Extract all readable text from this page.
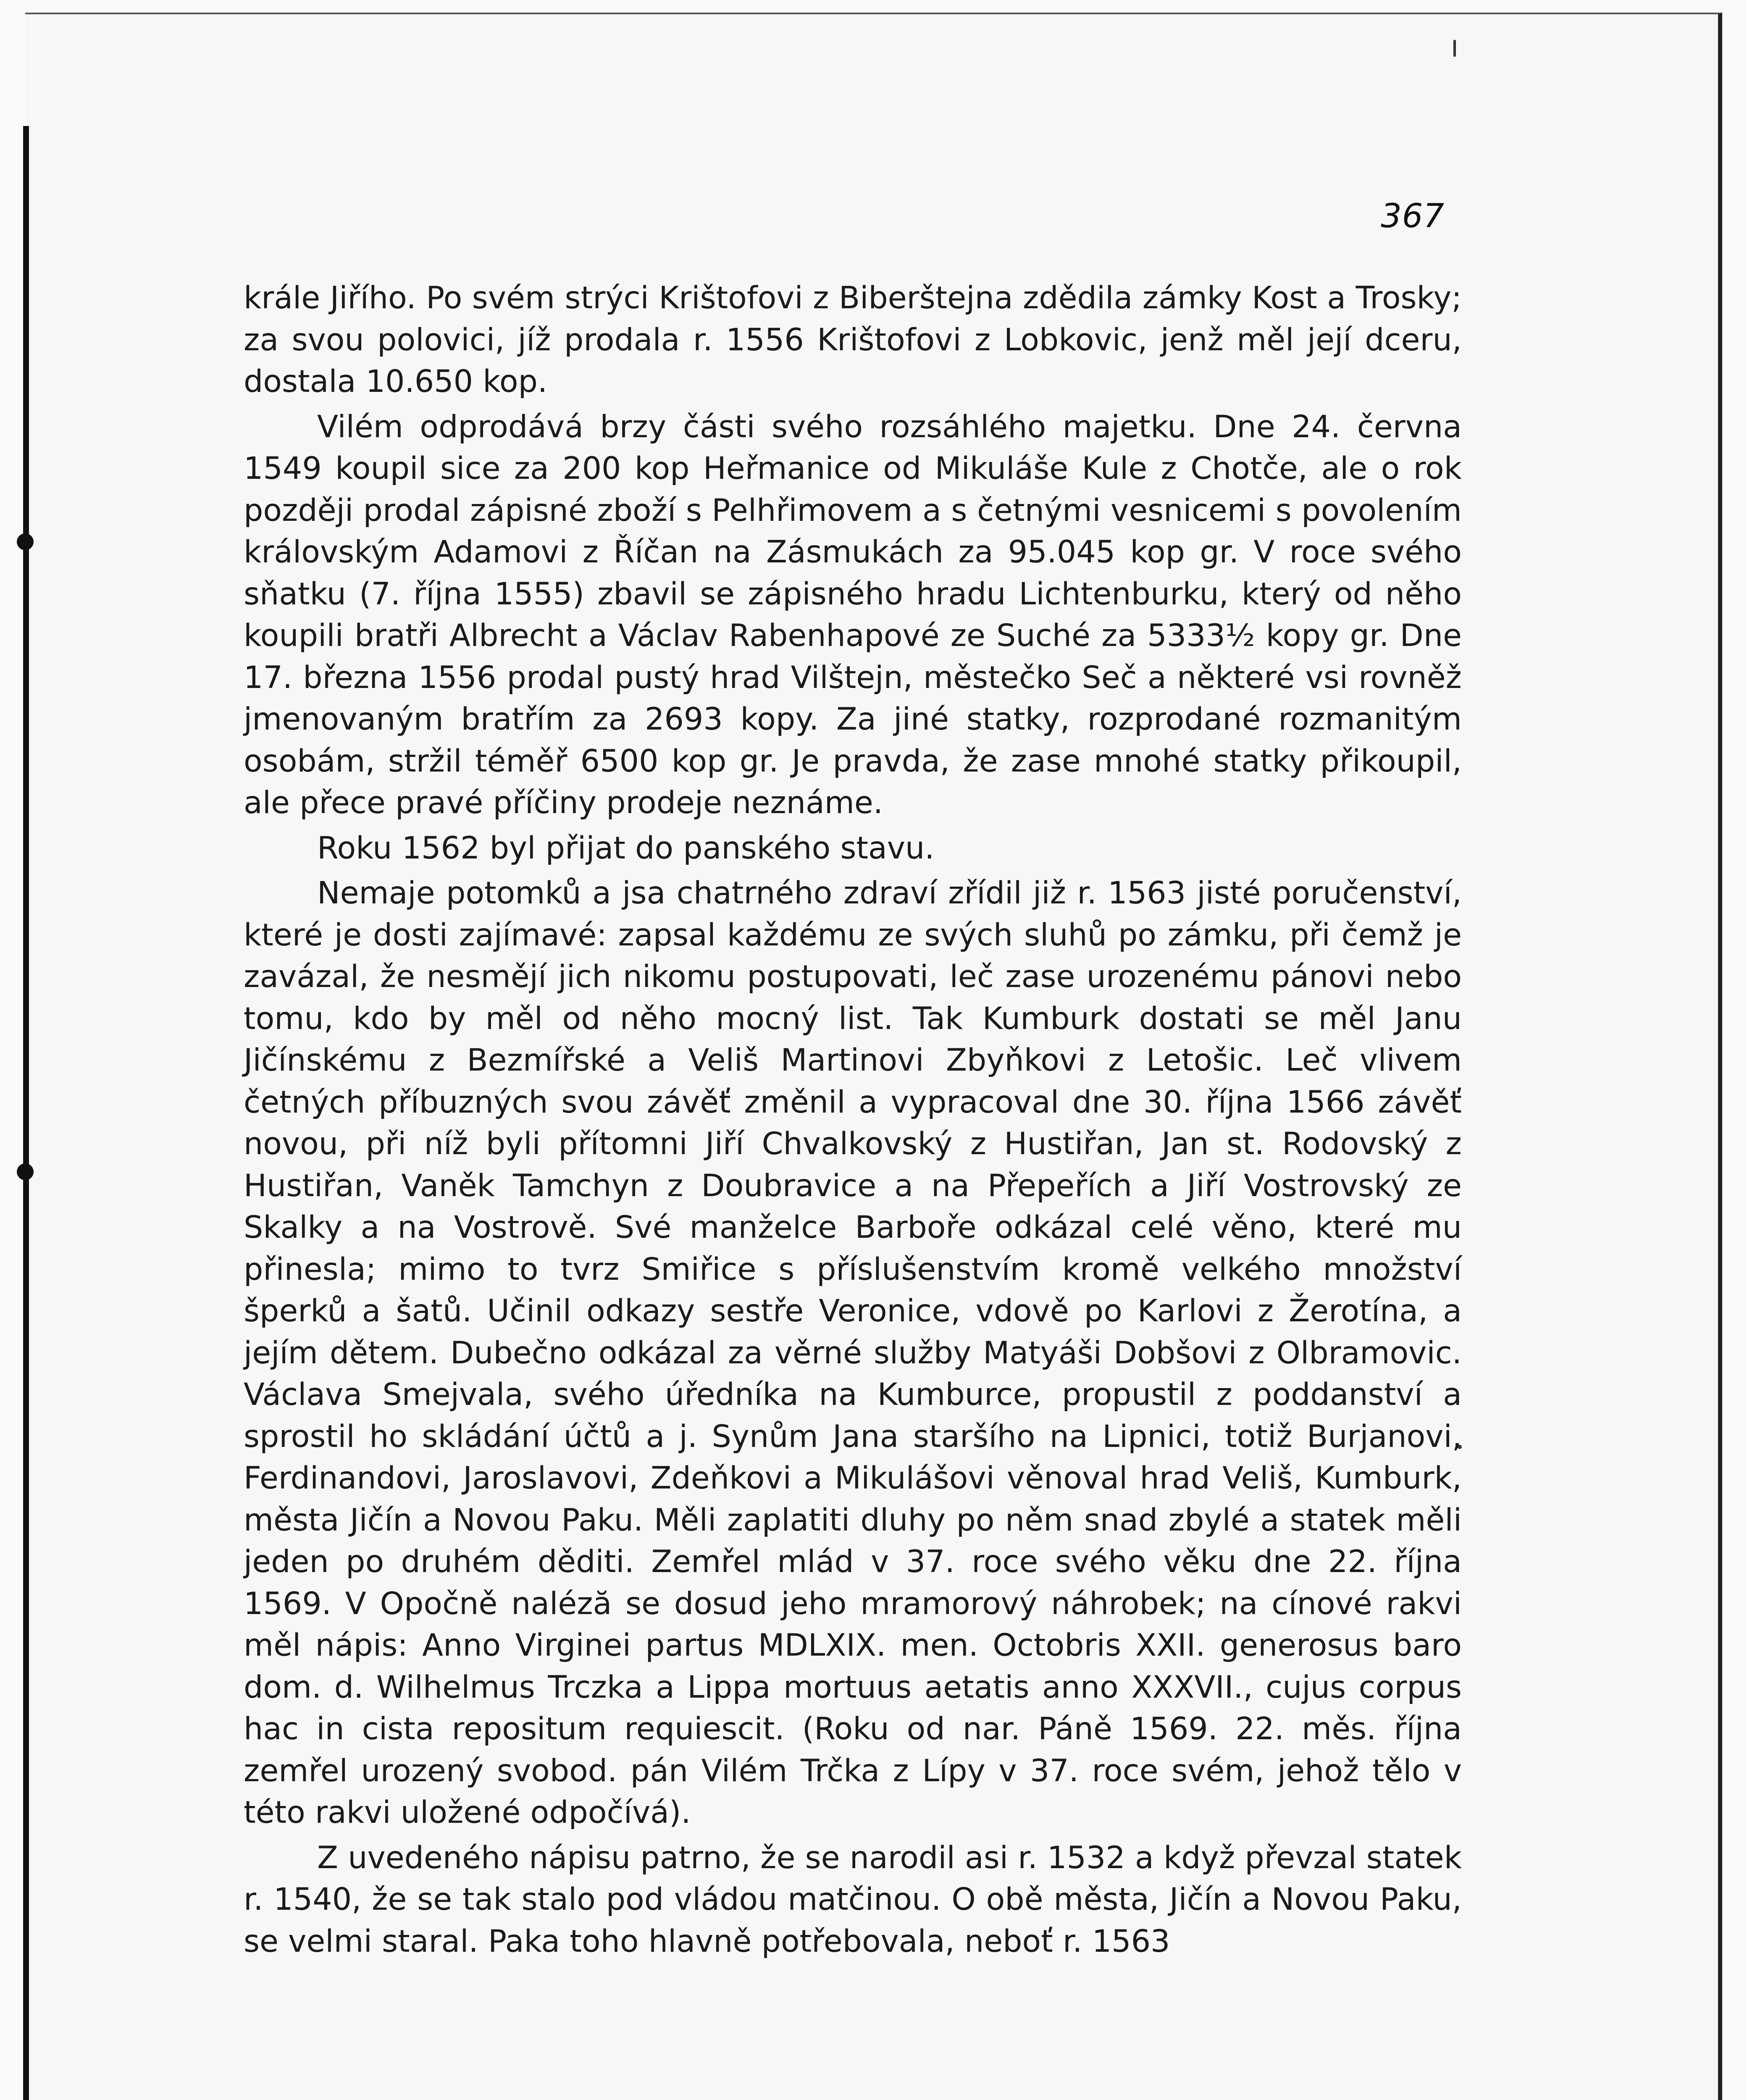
367

krále Jiřího. Po svém strýci Krištofovi z Biberštejna zdědila zámky Kost a Trosky; za svou polovici, jíž prodala r. 1556 Krištofovi z Lobkovic, jenž měl její dceru, dostala 10.650 kop.

Vilém odprodává brzy části svého rozsáhlého majetku. Dne 24. června 1549 koupil sice za 200 kop Heřmanice od Mikuláše Kule z Chotče, ale o rok později prodal zápisné zboží s Pelhřimovem a s četnými vesnicemi s povolením královským Adamovi z Říčan na Zásmukách za 95.045 kop gr. V roce svého sňatku (7. října 1555) zbavil se zápisného hradu Lichtenburku, který od něho koupili bratři Albrecht a Václav Rabenhapové ze Suché za 5333½ kopy gr. Dne 17. března 1556 prodal pustý hrad Vilštejn, městečko Seč a některé vsi rovněž jmenovaným bratřím za 2693 kopy. Za jiné statky, rozprodané rozmanitým osobám, stržil téměř 6500 kop gr. Je pravda, že zase mnohé statky přikoupil, ale přece pravé příčiny prodeje neznáme.

Roku 1562 byl přijat do panského stavu.

Nemaje potomků a jsa chatrného zdraví zřídil již r. 1563 jisté poručenství, které je dosti zajímavé: zapsal každému ze svých sluhů po zámku, při čemž je zavázal, že nesmějí jich nikomu postupovati, leč zase urozenému pánovi nebo tomu, kdo by měl od něho mocný list. Tak Kumburk dostati se měl Janu Jičínskému z Bezmířské a Veliš Martinovi Zbyňkovi z Letošic. Leč vlivem četných příbuzných svou závěť změnil a vypracoval dne 30. října 1566 závěť novou, při níž byli přítomni Jiří Chvalkovský z Hustiřan, Jan st. Rodovský z Hustiřan, Vaněk Tamchyn z Doubravice a na Přepeřích a Jiří Vostrovský ze Skalky a na Vostrově. Své manželce Barboře odkázal celé věno, které mu přinesla; mimo to tvrz Smiřice s příslušenstvím kromě velkého množství šperků a šatů. Učinil odkazy sestře Veronice, vdově po Karlovi z Žerotína, a jejím dětem. Dubečno odkázal za věrné služby Matyáši Dobšovi z Olbramovic. Václava Smejvala, svého úředníka na Kumburce, propustil z poddanství a sprostil ho skládání účtů a j. Synům Jana staršího na Lipnici, totiž Burjanovi, Ferdinandovi, Jaroslavovi, Zdeňkovi a Mikulášovi věnoval hrad Veliš, Kumburk, města Jičín a Novou Paku. Měli zaplatiti dluhy po něm snad zbylé a statek měli jeden po druhém děditi. Zemřel mlád v 37. roce svého věku dne 22. října 1569. V Opočně naléză se dosud jeho mramorový náhrobek; na cínové rakvi měl nápis: Anno Virginei partus MDLXIX. men. Octobris XXII. generosus baro dom. d. Wilhelmus Trczka a Lippa mortuus aetatis anno XXXVII., cujus corpus hac in cista repositum requiescit. (Roku od nar. Páně 1569. 22. měs. října zemřel urozený svobod. pán Vilém Trčka z Lípy v 37. roce svém, jehož tělo v této rakvi uložené odpočívá).

Z uvedeného nápisu patrno, že se narodil asi r. 1532 a když převzal statek r. 1540, že se tak stalo pod vládou matčinou. O obě města, Jičín a Novou Paku, se velmi staral. Paka toho hlavně potřebovala, neboť r. 1563
